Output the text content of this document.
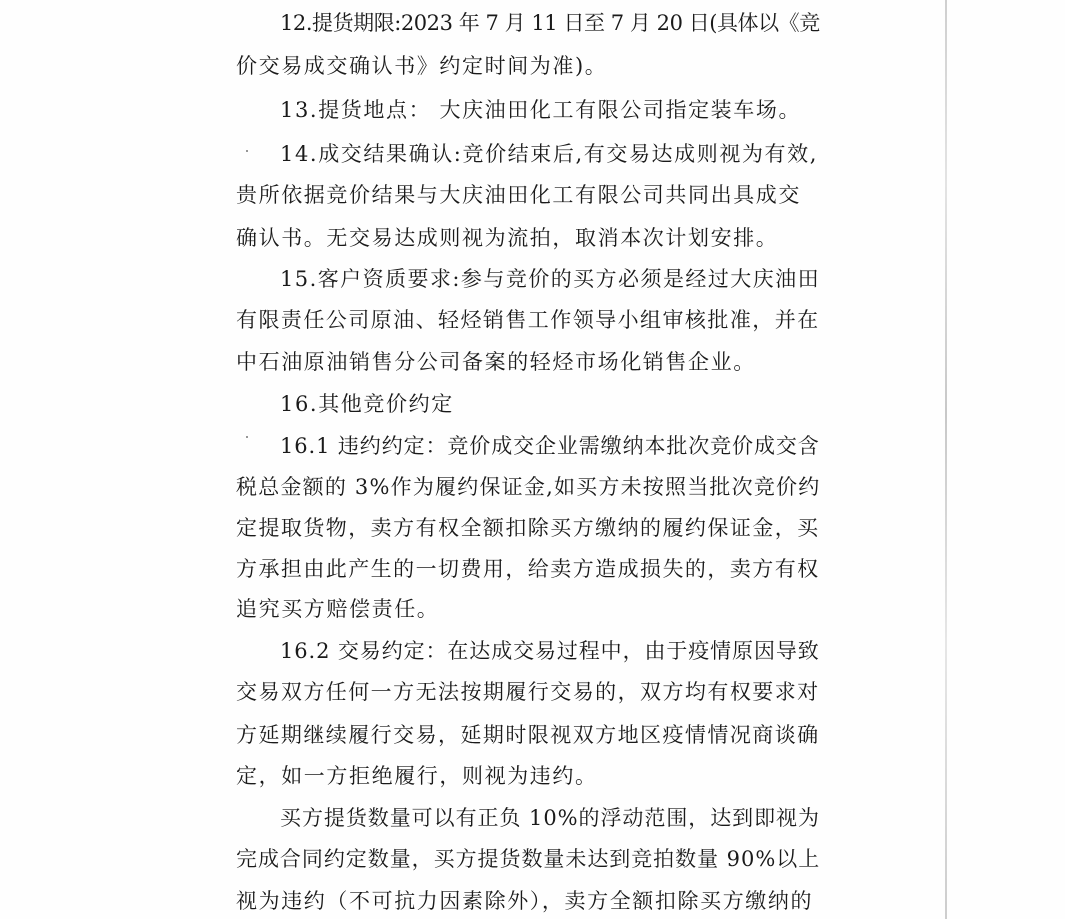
12.提货期限:2023 年 7 月 11 日至 7 月 20 日(具体以《竞
价交易成交确认书》约定时间为准)。
13.提货地点： 大庆油田化工有限公司指定装车场。
14.成交结果确认:竞价结束后,有交易达成则视为有效,
贵所依据竞价结果与大庆油田化工有限公司共同出具成交
确认书。无交易达成则视为流拍，取消本次计划安排。
15.客户资质要求:参与竞价的买方必须是经过大庆油田
有限责任公司原油、轻烃销售工作领导小组审核批准，并在
中石油原油销售分公司备案的轻烃市场化销售企业。
16.其他竞价约定
16.1 违约约定：竞价成交企业需缴纳本批次竞价成交含
税总金额的 3%作为履约保证金,如买方未按照当批次竞价约
定提取货物，卖方有权全额扣除买方缴纳的履约保证金，买
方承担由此产生的一切费用，给卖方造成损失的，卖方有权
追究买方赔偿责任。
16.2 交易约定：在达成交易过程中，由于疫情原因导致
交易双方任何一方无法按期履行交易的，双方均有权要求对
方延期继续履行交易，延期时限视双方地区疫情情况商谈确
定，如一方拒绝履行，则视为违约。
买方提货数量可以有正负 10%的浮动范围，达到即视为
完成合同约定数量，买方提货数量未达到竞拍数量 90%以上
视为违约（不可抗力因素除外），卖方全额扣除买方缴纳的
